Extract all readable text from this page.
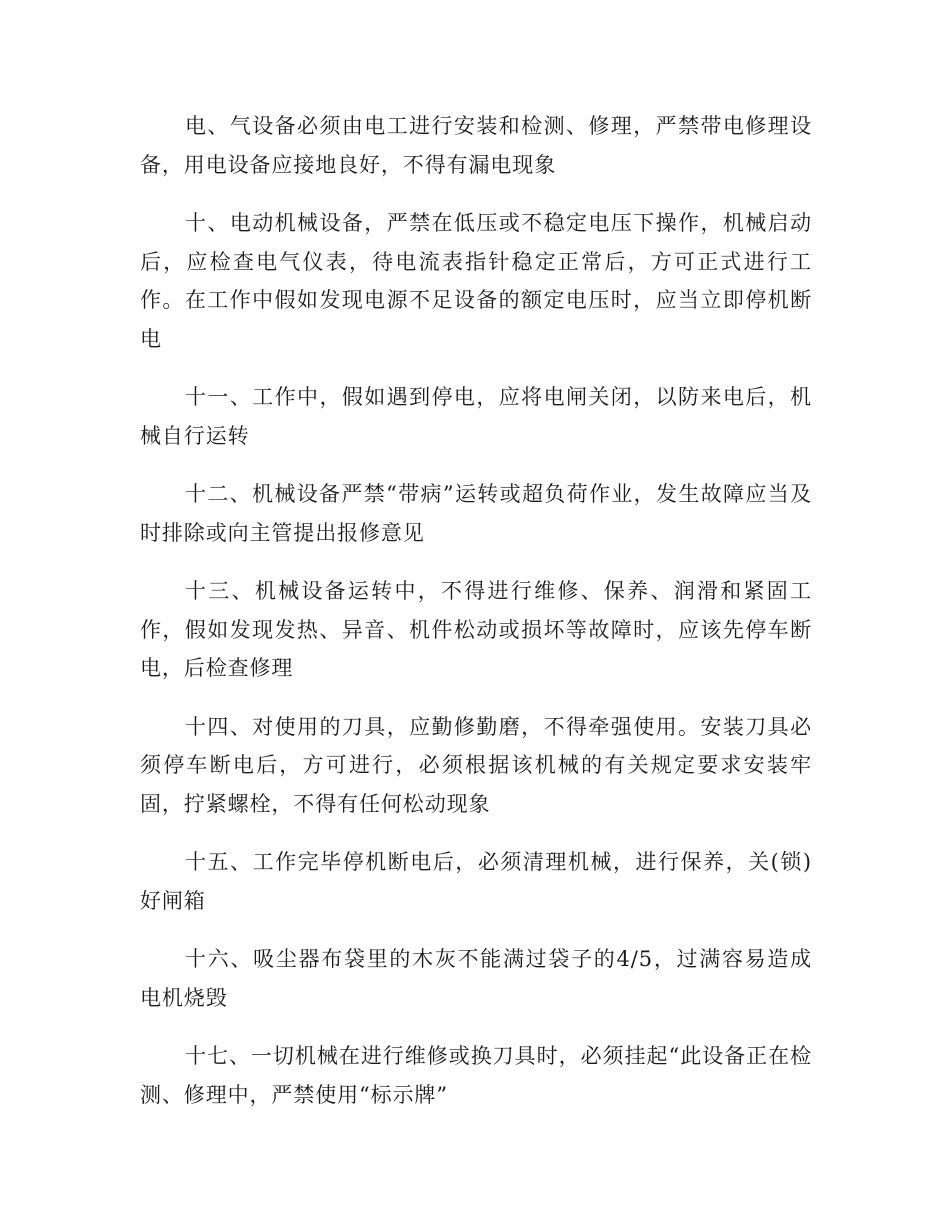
电、气设备必须由电工进行安装和检测、修理，严禁带电修理设备，用电设备应接地良好，不得有漏电现象

十、电动机械设备，严禁在低压或不稳定电压下操作，机械启动后，应检查电气仪表，待电流表指针稳定正常后，方可正式进行工作。在工作中假如发现电源不足设备的额定电压时，应当立即停机断电

十一、工作中，假如遇到停电，应将电闸关闭，以防来电后，机械自行运转

十二、机械设备严禁“带病”运转或超负荷作业，发生故障应当及时排除或向主管提出报修意见

十三、机械设备运转中，不得进行维修、保养、润滑和紧固工作，假如发现发热、异音、机件松动或损坏等故障时，应该先停车断电，后检查修理

十四、对使用的刀具，应勤修勤磨，不得牵强使用。安装刀具必须停车断电后，方可进行，必须根据该机械的有关规定要求安装牢固，拧紧螺栓，不得有任何松动现象

十五、工作完毕停机断电后，必须清理机械，进行保养，关(锁)好闸箱

十六、吸尘器布袋里的木灰不能满过袋子的4/5，过满容易造成电机烧毁

十七、一切机械在进行维修或换刀具时，必须挂起“此设备正在检测、修理中，严禁使用“标示牌”
